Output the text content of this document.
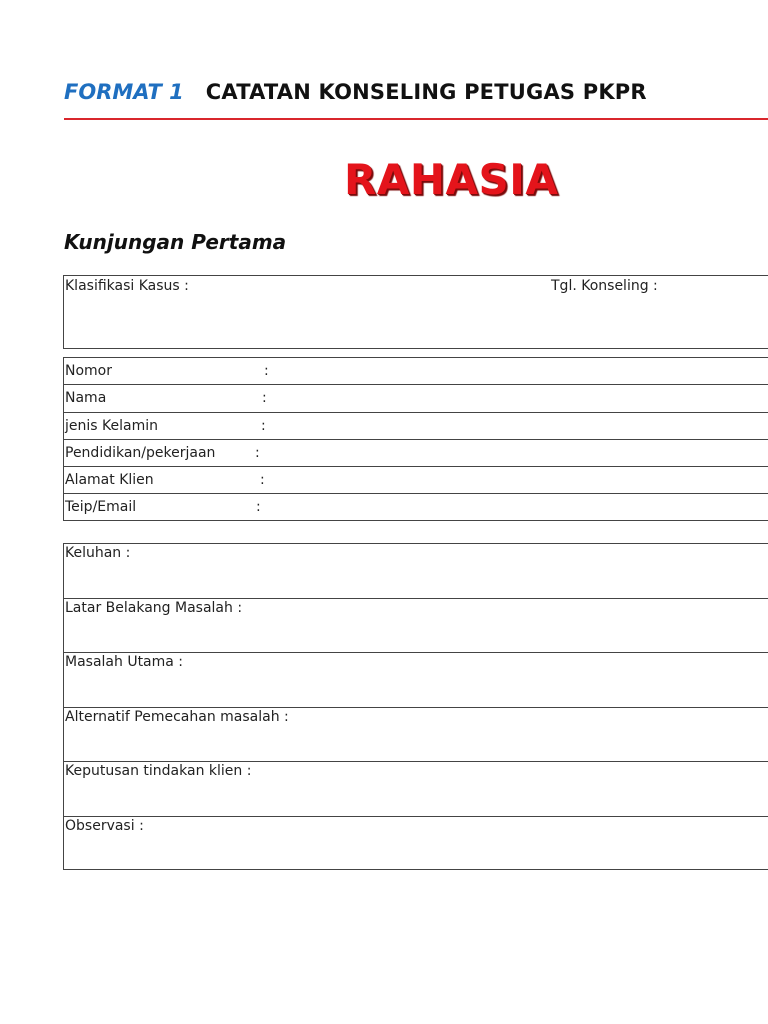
FORMAT 1 CATATAN KONSELING PETUGAS PKPR
RAHASIA
Kunjungan Pertama
Klasifikasi Kasus :	Tgl. Konseling :
Nomor	:
Nama	:
jenis Kelamin	:
Pendidikan/pekerjaan	:
Alamat Klien	:
Teip/Email	:
Keluhan :
Latar Belakang Masalah :
Masalah Utama :
Alternatif Pemecahan masalah :
Keputusan tindakan klien :
Observasi :
